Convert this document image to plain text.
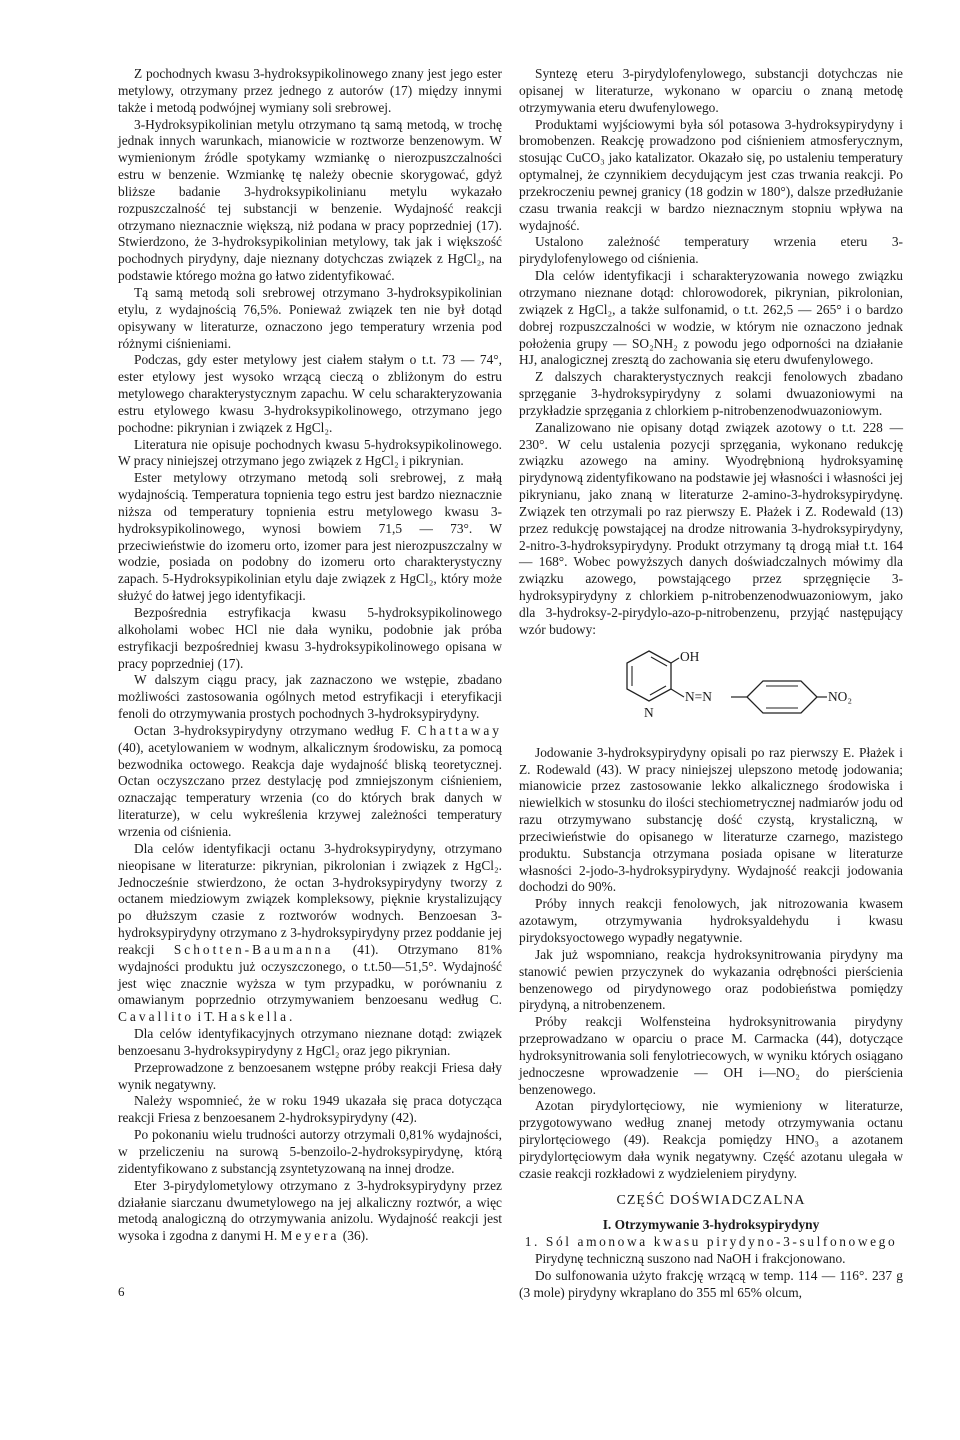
Z pochodnych kwasu 3-hydroksypikolinowego znany jest jego ester metylowy, otrzymany przez jednego z autorów (17) między innymi także i metodą podwójnej wymiany soli srebrowej.

3-Hydroksypikolinian metylu otrzymano tą samą metodą, w trochę jednak innych warunkach, mianowicie w roztworze benzenowym. W wymienionym źródle spotykamy wzmiankę o nierozpuszczalności estru w benzenie. Wzmiankę tę należy obecnie skorygować, gdyż bliższe badanie 3-hydroksypikolinianu metylu wykazało rozpuszczalność tej substancji w benzenie. Wydajność reakcji otrzymano nieznacznie większą, niż podana w pracy poprzedniej (17). Stwierdzono, że 3-hydroksypikolinian metylowy, tak jak i większość pochodnych pirydyny, daje nieznany dotychczas związek z HgCl₂, na podstawie którego można go łatwo zidentyfikować.

Tą samą metodą soli srebrowej otrzymano 3-hydroksypikolinian etylu, z wydajnością 76,5%. Ponieważ związek ten nie był dotąd opisywany w literaturze, oznaczono jego temperatury wrzenia pod różnymi ciśnieniami.

Podczas, gdy ester metylowy jest ciałem stałym o t.t. 73 — 74°, ester etylowy jest wysoko wrzącą cieczą o zbliżonym do estru metylowego charakterystycznym zapachu. W celu scharakteryzowania estru etylowego kwasu 3-hydroksypikolinowego, otrzymano jego pochodne: pikrynian i związek z HgCl₂.

Literatura nie opisuje pochodnych kwasu 5-hydroksypikolinowego. W pracy niniejszej otrzymano jego związek z HgCl₂ i pikrynian.

Ester metylowy otrzymano metodą soli srebrowej, z małą wydajnością. Temperatura topnienia tego estru jest bardzo nieznacznie niższa od temperatury topnienia estru metylowego kwasu 3-hydroksypikolinowego, wynosi bowiem 71,5 — 73°. W przeciwieństwie do izomeru orto, izomer para jest nierozpuszczalny w wodzie, posiada on podobny do izomeru orto charakterystyczny zapach. 5-Hydroksypikolinian etylu daje związek z HgCl₂, który może służyć do łatwej jego identyfikacji.

Bezpośrednia estryfikacja kwasu 5-hydroksypikolinowego alkoholami wobec HCl nie dała wyniku, podobnie jak próba estryfikacji bezpośredniej kwasu 3-hydroksypikolinowego opisana w pracy poprzedniej (17).

W dalszym ciągu pracy, jak zaznaczono we wstępie, zbadano możliwości zastosowania ogólnych metod estryfikacji i eteryfikacji fenoli do otrzymywania prostych pochodnych 3-hydroksypirydyny.

Octan 3-hydroksypirydyny otrzymano według F. Chattaway (40), acetylowaniem w wodnym, alkalicznym środowisku, za pomocą bezwodnika octowego. Reakcja daje wydajność bliską teoretycznej. Octan oczyszczano przez destylację pod zmniejszonym ciśnieniem, oznaczając temperatury wrzenia (co do których brak danych w literaturze), w celu wykreślenia krzywej zależności temperatury wrzenia od ciśnienia.

Dla celów identyfikacji octanu 3-hydroksypirydyny, otrzymano nieopisane w literaturze: pikrynian, pikrolonian i związek z HgCl₂. Jednocześnie stwierdzono, że octan 3-hydroksypirydyny tworzy z octanem miedziowym związek kompleksowy, pięknie krystalizujący po dłuższym czasie z roztworów wodnych. Benzoesan 3-hydroksypirydyny otrzymano z 3-hydroksypirydyny przez poddanie jej reakcji Schotten-Baumanna (41). Otrzymano 81% wydajności produktu już oczyszczonego, o t.t.50—51,5°. Wydajność jest więc znacznie wyższa w tym przypadku, w porównaniu z omawianym poprzednio otrzymywaniem benzoesanu według C. Cavallito i T. Haskella.

Dla celów identyfikacyjnych otrzymano nieznane dotąd: związek benzoesanu 3-hydroksypirydyny z HgCl₂ oraz jego pikrynian.

Przeprowadzone z benzoesanem wstępne próby reakcji Friesa dały wynik negatywny.

Należy wspomnieć, że w roku 1949 ukazała się praca dotycząca reakcji Friesa z benzoesanem 2-hydroksypirydyny (42).

Po pokonaniu wielu trudności autorzy otrzymali 0,81% wydajności, w przeliczeniu na surową 5-benzoilo-2-hydroksypirydynę, którą zidentyfikowano z substancją zsyntetyzowaną na innej drodze.

Eter 3-pirydylometylowy otrzymano z 3-hydroksypirydyny przez działanie siarczanu dwumetylowego na jej alkaliczny roztwór, a więc metodą analogiczną do otrzymywania anizolu. Wydajność reakcji jest wysoka i zgodna z danymi H. Meyera (36).

Syntezę eteru 3-pirydylofenylowego, substancji dotychczas nie opisanej w literaturze, wykonano w oparciu o znaną metodę otrzymywania eteru dwufenylowego.

Produktami wyjściowymi była sól potasowa 3-hydroksypirydyny i bromobenzen. Reakcję prowadzono pod ciśnieniem atmosferycznym, stosując CuCO₃ jako katalizator. Okazało się, po ustaleniu temperatury optymalnej, że czynnikiem decydującym jest czas trwania reakcji. Po przekroczeniu pewnej granicy (18 godzin w 180°), dalsze przedłużanie czasu trwania reakcji w bardzo nieznacznym stopniu wpływa na wydajność.

Ustalono zależność temperatury wrzenia eteru 3-pirydylofenylowego od ciśnienia.

Dla celów identyfikacji i scharakteryzowania nowego związku otrzymano nieznane dotąd: chlorowodorek, pikrynian, pikrolonian, związek z HgCl₂, a także sulfonamid, o t.t. 262,5 — 265° i o bardzo dobrej rozpuszczalności w wodzie, w którym nie oznaczono jednak położenia grupy — SO₂NH₂ z powodu jego odporności na działanie HJ, analogicznej zresztą do zachowania się eteru dwufenylowego.

Z dalszych charakterystycznych reakcji fenolowych zbadano sprzęganie 3-hydroksypirydyny z solami dwuazoniowymi na przykładzie sprzęgania z chlorkiem p-nitrobenzenodwuazoniowym.

Zanalizowano nie opisany dotąd związek azotowy o t.t. 228 — 230°. W celu ustalenia pozycji sprzęgania, wykonano redukcję związku azowego na aminy. Wyodrębnioną hydroksyaminę pirydynową zidentyfikowano na podstawie jej własności i własności jej pikrynianu, jako znaną w literaturze 2-amino-3-hydroksypirydynę. Związek ten otrzymali po raz pierwszy E. Płażek i Z. Rodewald (13) przez redukcję powstającej na drodze nitrowania 3-hydroksypirydyny, 2-nitro-3-hydroksypirydyny. Produkt otrzymany tą drogą miał t.t. 164 — 168°. Wobec powyższych danych doświadczalnych mówimy dla związku azowego, powstającego przez sprzęgnięcie 3-hydroksypirydyny z chlorkiem p-nitrobenzenodwuazoniowym, jako dla 3-hydroksy-2-pirydylo-azo-p-nitrobenzenu, przyjąć następujący wzór budowy:

OH
N
N=N	NO₂

Jodowanie 3-hydroksypirydyny opisali po raz pierwszy E. Płażek i Z. Rodewald (43). W pracy niniejszej ulepszono metodę jodowania; mianowicie przez zastosowanie lekko alkalicznego środowiska i niewielkich w stosunku do ilości stechiometrycznej nadmiarów jodu od razu otrzymywano substancję dość czystą, krystaliczną, w przeciwieństwie do opisanego w literaturze czarnego, mazistego produktu. Substancja otrzymana posiada opisane w literaturze własności 2-jodo-3-hydroksypirydyny. Wydajność reakcji jodowania dochodzi do 90%.

Próby innych reakcji fenolowych, jak nitrozowania kwasem azotawym, otrzymywania hydroksyaldehydu i kwasu pirydoksyoctowego wypadły negatywnie.

Jak już wspomniano, reakcja hydroksynitrowania pirydyny ma stanowić pewien przyczynek do wykazania odrębności pierścienia benzenowego od pirydynowego oraz podobieństwa pomiędzy pirydyną, a nitrobenzenem.

Próby reakcji Wolfensteina hydroksynitrowania pirydyny przeprowadzano w oparciu o prace M. Carmacka (44), dotyczące hydroksynitrowania soli fenylotriecowych, w wyniku których osiągano jednoczesne wprowadzenie — OH i—NO₂ do pierścienia benzenowego.

Azotan pirydylortęciowy, nie wymieniony w literaturze, przygotowywano według znanej metody otrzymywania octanu pirylortęciowego (49). Reakcja pomiędzy HNO₃ a azotanem pirydylortęciowym dała wynik negatywny. Część azotanu ulegała w czasie reakcji rozkładowi z wydzieleniem pirydyny.

CZĘŚĆ DOŚWIADCZALNA

I. Otrzymywanie 3-hydroksypirydyny

1. Sól amonowa kwasu pirydyno-3-sulfonowego

Pirydynę techniczną suszono nad NaOH i frakcjonowano.

Do sulfonowania użyto frakcję wrzącą w temp. 114 — 116°. 237 g (3 mole) pirydyny wkraplano do 355 ml 65% olcum,

6
